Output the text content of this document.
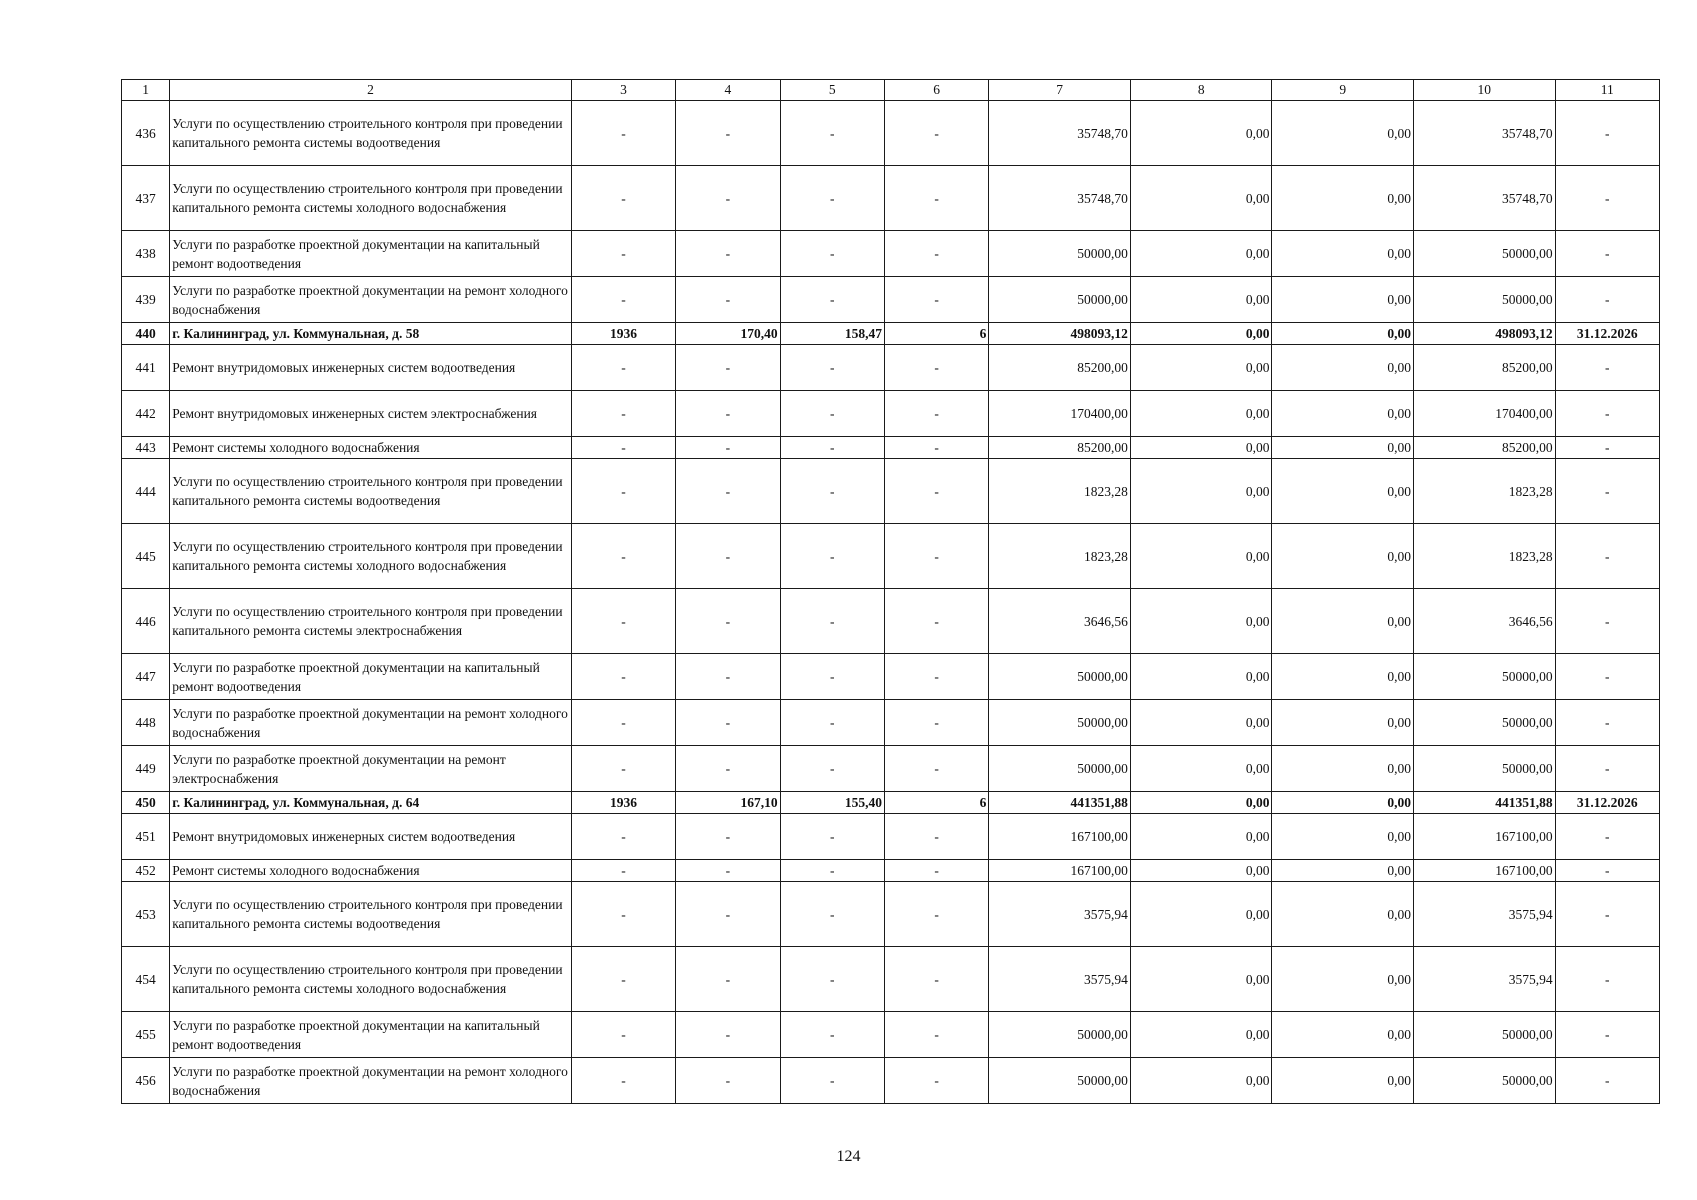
1	2	3	4	5	6	7	8	9	10	11
436	Услуги по осуществлению строительного контроля при проведении капитального ремонта системы водоотведения	-	-	-	-	35748,70	0,00	0,00	35748,70	-
437	Услуги по осуществлению строительного контроля при проведении капитального ремонта системы холодного водоснабжения	-	-	-	-	35748,70	0,00	0,00	35748,70	-
438	Услуги по разработке проектной документации на капитальный ремонт водоотведения	-	-	-	-	50000,00	0,00	0,00	50000,00	-
439	Услуги по разработке проектной документации на ремонт холодного водоснабжения	-	-	-	-	50000,00	0,00	0,00	50000,00	-
440	г. Калининград, ул. Коммунальная, д. 58	1936	170,40	158,47	6	498093,12	0,00	0,00	498093,12	31.12.2026
441	Ремонт внутридомовых инженерных систем водоотведения	-	-	-	-	85200,00	0,00	0,00	85200,00	-
442	Ремонт внутридомовых инженерных систем электроснабжения	-	-	-	-	170400,00	0,00	0,00	170400,00	-
443	Ремонт системы холодного водоснабжения	-	-	-	-	85200,00	0,00	0,00	85200,00	-
444	Услуги по осуществлению строительного контроля при проведении капитального ремонта системы водоотведения	-	-	-	-	1823,28	0,00	0,00	1823,28	-
445	Услуги по осуществлению строительного контроля при проведении капитального ремонта системы холодного водоснабжения	-	-	-	-	1823,28	0,00	0,00	1823,28	-
446	Услуги по осуществлению строительного контроля при проведении капитального ремонта системы электроснабжения	-	-	-	-	3646,56	0,00	0,00	3646,56	-
447	Услуги по разработке проектной документации на капитальный ремонт водоотведения	-	-	-	-	50000,00	0,00	0,00	50000,00	-
448	Услуги по разработке проектной документации на ремонт холодного водоснабжения	-	-	-	-	50000,00	0,00	0,00	50000,00	-
449	Услуги по разработке проектной документации на ремонт электроснабжения	-	-	-	-	50000,00	0,00	0,00	50000,00	-
450	г. Калининград, ул. Коммунальная, д. 64	1936	167,10	155,40	6	441351,88	0,00	0,00	441351,88	31.12.2026
451	Ремонт внутридомовых инженерных систем водоотведения	-	-	-	-	167100,00	0,00	0,00	167100,00	-
452	Ремонт системы холодного водоснабжения	-	-	-	-	167100,00	0,00	0,00	167100,00	-
453	Услуги по осуществлению строительного контроля при проведении капитального ремонта системы водоотведения	-	-	-	-	3575,94	0,00	0,00	3575,94	-
454	Услуги по осуществлению строительного контроля при проведении капитального ремонта системы холодного водоснабжения	-	-	-	-	3575,94	0,00	0,00	3575,94	-
455	Услуги по разработке проектной документации на капитальный ремонт водоотведения	-	-	-	-	50000,00	0,00	0,00	50000,00	-
456	Услуги по разработке проектной документации на ремонт холодного водоснабжения	-	-	-	-	50000,00	0,00	0,00	50000,00	-
124
